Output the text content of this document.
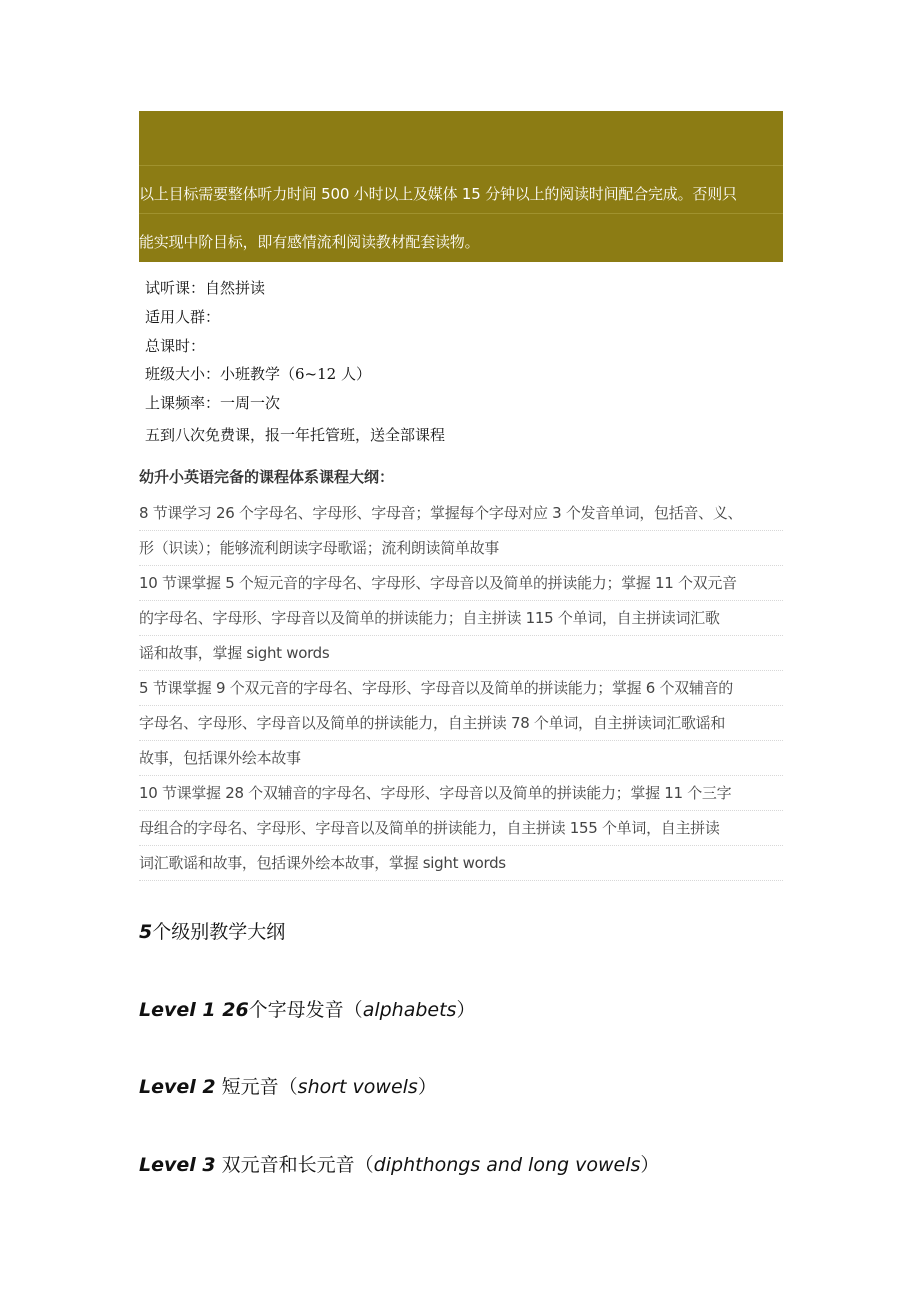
以上目标需要整体听力时间 500 小时以上及媒体 15 分钟以上的阅读时间配合完成。否则只
能实现中阶目标，即有感情流利阅读教材配套读物。
试听课：自然拼读
适用人群：
总课时：
班级大小：小班教学（6~12 人）
上课频率：一周一次
五到八次免费课，报一年托管班，送全部课程
幼升小英语完备的课程体系课程大纲：
8 节课学习 26 个字母名、字母形、字母音；掌握每个字母对应 3 个发音单词，包括音、义、
形（识读）；能够流利朗读字母歌谣；流利朗读简单故事
10 节课掌握 5 个短元音的字母名、字母形、字母音以及简单的拼读能力；掌握 11 个双元音
的字母名、字母形、字母音以及简单的拼读能力；自主拼读 115 个单词，自主拼读词汇歌
谣和故事，掌握 sight words
5 节课掌握 9 个双元音的字母名、字母形、字母音以及简单的拼读能力；掌握 6 个双辅音的
字母名、字母形、字母音以及简单的拼读能力，自主拼读 78 个单词，自主拼读词汇歌谣和
故事，包括课外绘本故事
10 节课掌握 28 个双辅音的字母名、字母形、字母音以及简单的拼读能力；掌握 11 个三字
母组合的字母名、字母形、字母音以及简单的拼读能力，自主拼读 155 个单词，自主拼读
词汇歌谣和故事，包括课外绘本故事，掌握 sight words
5个级别教学大纲
Level 1 26个字母发音（alphabets）
Level 2 短元音（short vowels）
Level 3 双元音和长元音（diphthongs and long vowels）
